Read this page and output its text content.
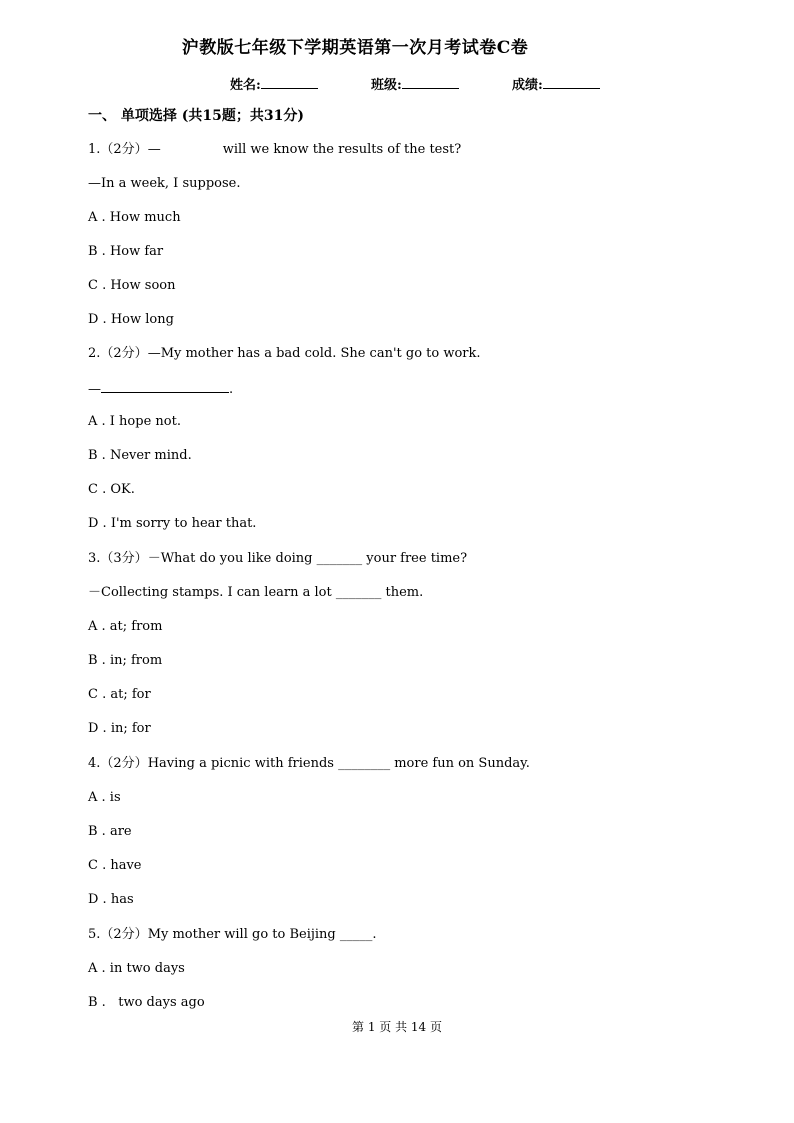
沪教版七年级下学期英语第一次月考试卷C卷
姓名:	班级:	成绩:
一、 单项选择 (共15题；共31分)
1.（2分）—	will we know the results of the test?
—In a week, I suppose.
A . How much
B . How far
C . How soon
D . How long
2.（2分）—My mother has a bad cold. She can't go to work.
—	.
A . I hope not.
B . Never mind.
C . OK.
D . I'm sorry to hear that.
3.（3分）－What do you like doing _______ your free time?
－Collecting stamps. I can learn a lot _______ them.
A . at; from
B . in; from
C . at; for
D . in; for
4.（2分）Having a picnic with friends ________ more fun on Sunday.
A . is
B . are
C . have
D . has
5.（2分）My mother will go to Beijing _____.
A . in two days
B .   two days ago
第 1 页 共 14 页
